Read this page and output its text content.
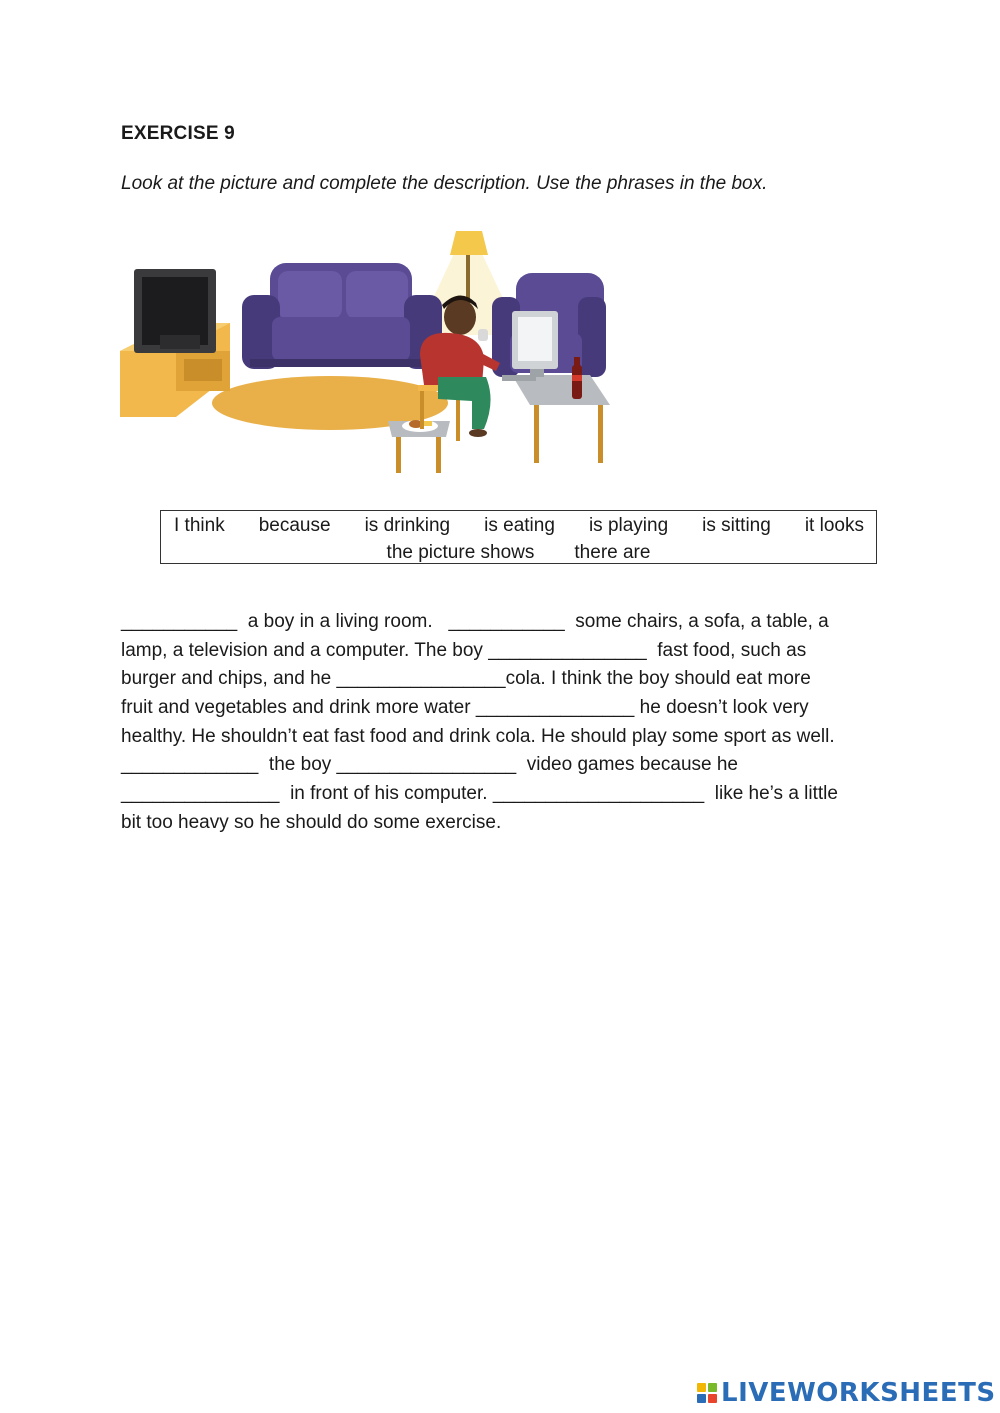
EXERCISE 9
Look at the picture and complete the description. Use the phrases in the box.
I think because is drinking is eating is playing is sitting it looks
the picture shows there are
___________  a boy in a living room.   ___________  some chairs, a sofa, a table, a
lamp, a television and a computer. The boy _______________  fast food, such as
burger and chips, and he ________________cola. I think the boy should eat more
fruit and vegetables and drink more water _______________ he doesn’t look very
healthy. He shouldn’t eat fast food and drink cola. He should play some sport as well.
_____________  the boy _________________  video games because he
_______________  in front of his computer. ____________________  like he’s a little
bit too heavy so he should do some exercise.
LIVEWORKSHEETS
